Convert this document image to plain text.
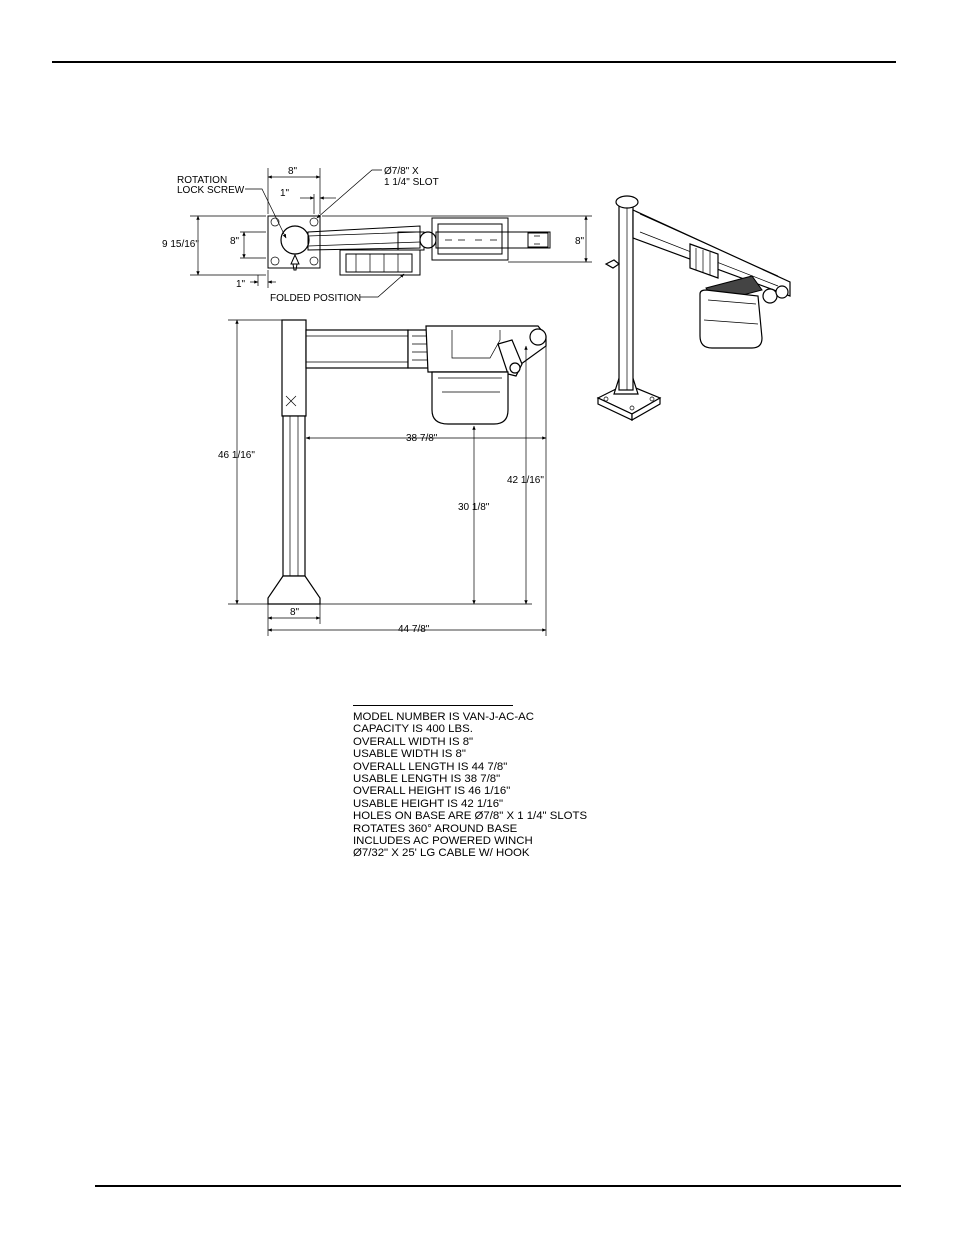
8"
1"
ROTATION
LOCK SCREW
Ø7/8" X
1 1/4" SLOT
FOLDED POSITION
9 15/16"	8"
1"
8"
46 1/16"
38 7/8"
42 1/16"
30 1/8"
8"
44 7/8"
MODEL NUMBER IS VAN-J-AC-AC
CAPACITY IS 400 LBS.
OVERALL WIDTH IS 8"
USABLE WIDTH IS 8"
OVERALL LENGTH IS 44 7/8"
USABLE LENGTH IS 38 7/8"
OVERALL HEIGHT IS 46 1/16"
USABLE HEIGHT IS 42 1/16"
HOLES ON BASE ARE Ø7/8" X 1 1/4" SLOTS
ROTATES 360° AROUND BASE
INCLUDES AC POWERED WINCH
Ø7/32" X 25' LG CABLE W/ HOOK
